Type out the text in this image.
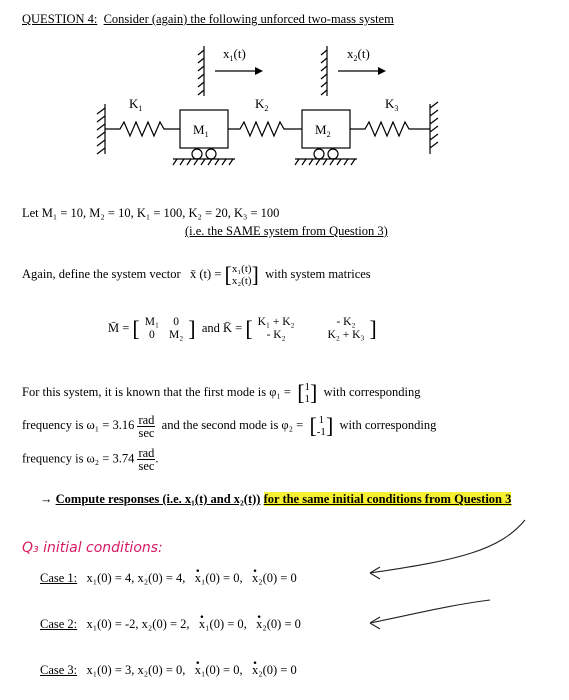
QUESTION 4: Consider (again) the following unforced two-mass system
$x_1(t)$	$x_2(t)$
$K_1$	$K_2$	$K_3$
$M_1$	$M_2$
Let M₁ = 10, M₂ = 10, K₁ = 100, K₂ = 20, K₃ = 100
(i.e. the SAME system from Question 3)
Again, define the system vector x̄ (t) = [ x₁(t)
x₂(t) ] with system matrices
M̄ = [ M₁	0
0	M₂ ] and K̄ = [ K₁ + K₂	- K₂
- K₂	K₂ + K₃ ]
For this system, it is known that the first mode is φ₁ = [ 1
1 ] with corresponding
frequency is $\omega_1 = 3.16 \frac{\text{rad}}{\sec}$ and the second mode is φ₂ = [ 1
-1 ] with corresponding
frequency is $\omega_2 = 3.74 \frac{\text{rad}}{\sec}$ .
→ Compute responses (i.e. x₁(t) and x₂(t)) for the same initial conditions from Question 3
Q₃ initial conditions:
Case 1: x₁(0) = 4, x₂(0) = 4, . x₁(0) = 0, . x₂(0) = 0
Case 2: x₁(0) = -2, x₂(0) = 2, . x₁(0) = 0, . x₂(0) = 0
Case 3: x₁(0) = 3, x₂(0) = 0, . x₁(0) = 0, . x₂(0) = 0
